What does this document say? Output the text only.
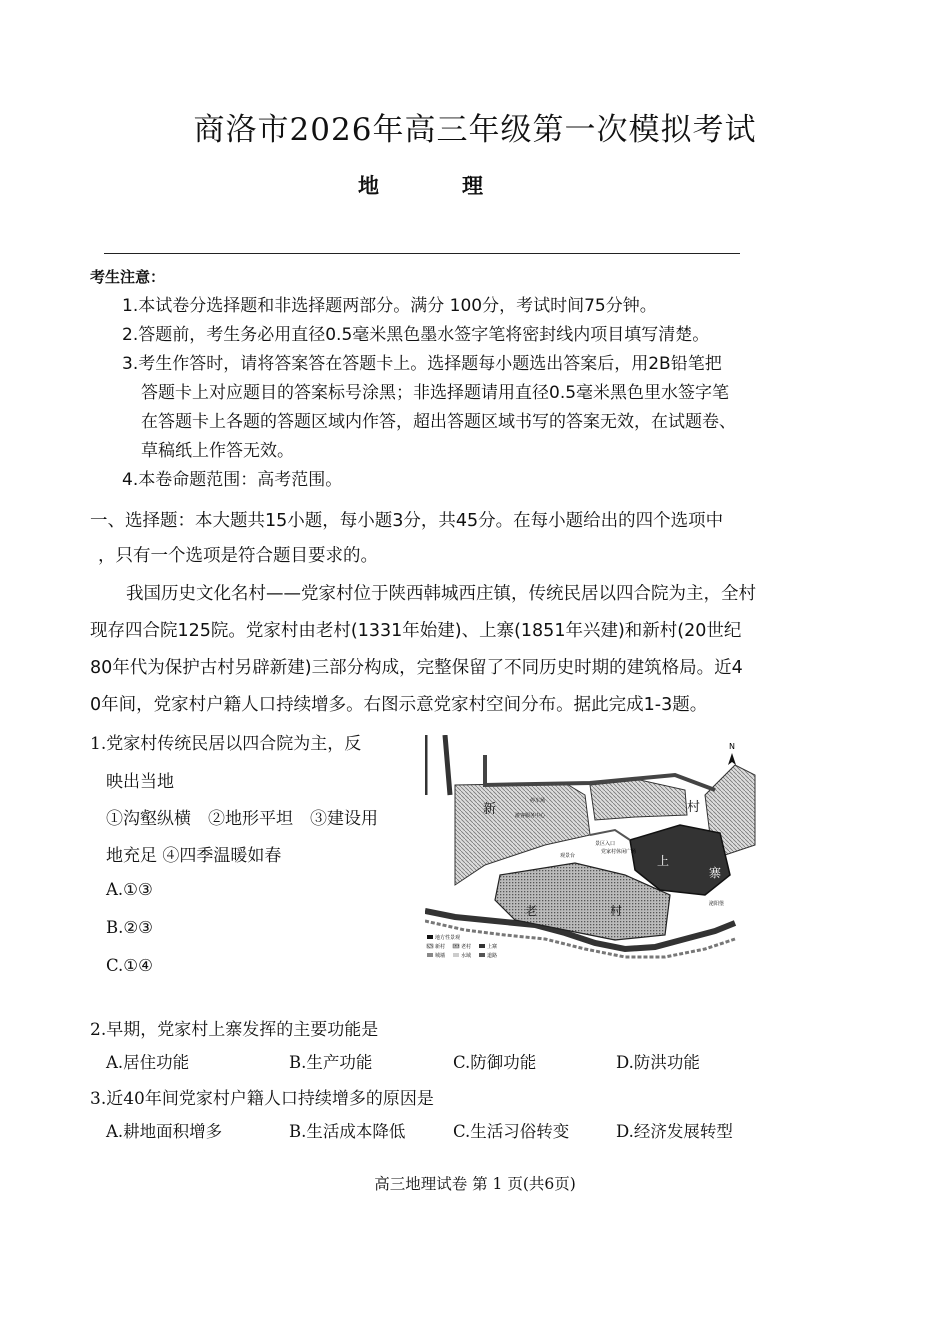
商洛市2026年高三年级第一次模拟考试
地	理
考生注意：
1.本试卷分选择题和非选择题两部分。满分 100分，考试时间75分钟。
2.答题前，考生务必用直径0.5毫米黑色墨水签字笔将密封线内项目填写清楚。
3.考生作答时，请将答案答在答题卡上。选择题每小题选出答案后，用2B铅笔把
答题卡上对应题目的答案标号涂黑；非选择题请用直径0.5毫米黑色里水签字笔
在答题卡上各题的答题区域内作答，超出答题区域书写的答案无效，在试题卷、
草稿纸上作答无效。
4.本卷命题范围：高考范围。
一、选择题：本大题共15小题，每小题3分，共45分。在每小题给出的四个选项中
，只有一个选项是符合题目要求的。
我国历史文化名村——党家村位于陕西韩城西庄镇，传统民居以四合院为主，全村
现存四合院125院。党家村由老村(1331年始建)、上寨(1851年兴建)和新村(20世纪
80年代为保护古村另辟新建)三部分构成，完整保留了不同历史时期的建筑格局。近4
0年间，党家村户籍人口持续增多。右图示意党家村空间分布。据此完成1-3题。
1.党家村传统民居以四合院为主，反
映出当地
①沟壑纵横　②地形平坦　③建设用
地充足 ④四季温暖如春
A.①③
B.②③
C.①④
N
新	村
老	村
上
寨
停车场
游客服务中心
景区入口
党家村休闲广场
泌阳堡
观景台
地方性景观
新村	老村	上寨
城墙	水域	道路
2.早期，党家村上寨发挥的主要功能是
A.居住功能	B.生产功能	C.防御功能	D.防洪功能
3.近40年间党家村户籍人口持续增多的原因是
A.耕地面积增多	B.生活成本降低	C.生活习俗转变	D.经济发展转型
高三地理试卷 第 1 页(共6页)
